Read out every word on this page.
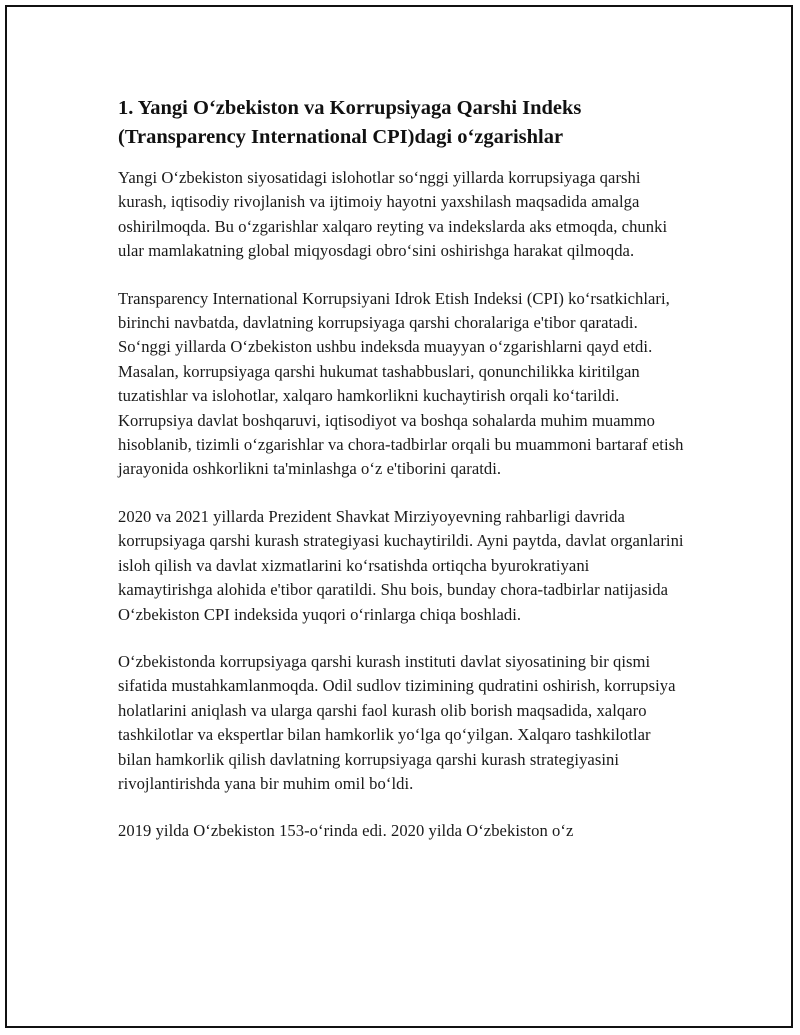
1. Yangi O‘zbekiston va Korrupsiyaga Qarshi Indeks (Transparency International CPI)dagi o‘zgarishlar

Yangi O‘zbekiston siyosatidagi islohotlar so‘nggi yillarda korrupsiyaga qarshi kurash, iqtisodiy rivojlanish va ijtimoiy hayotni yaxshilash maqsadida amalga oshirilmoqda. Bu o‘zgarishlar xalqaro reyting va indekslarda aks etmoqda, chunki ular mamlakatning global miqyosdagi obro‘sini oshirishga harakat qilmoqda.

Transparency International Korrupsiyani Idrok Etish Indeksi (CPI) ko‘rsatkichlari, birinchi navbatda, davlatning korrupsiyaga qarshi choralariga e'tibor qaratadi. So‘nggi yillarda O‘zbekiston ushbu indeksda muayyan o‘zgarishlarni qayd etdi. Masalan, korrupsiyaga qarshi hukumat tashabbuslari, qonunchilikka kiritilgan tuzatishlar va islohotlar, xalqaro hamkorlikni kuchaytirish orqali ko‘tarildi. Korrupsiya davlat boshqaruvi, iqtisodiyot va boshqa sohalarda muhim muammo hisoblanib, tizimli o‘zgarishlar va chora-tadbirlar orqali bu muammoni bartaraf etish jarayonida oshkorlikni ta'minlashga o‘z e'tiborini qaratdi.

2020 va 2021 yillarda Prezident Shavkat Mirziyoyevning rahbarligi davrida korrupsiyaga qarshi kurash strategiyasi kuchaytirildi. Ayni paytda, davlat organlarini isloh qilish va davlat xizmatlarini ko‘rsatishda ortiqcha byurokratiyani kamaytirishga alohida e'tibor qaratildi. Shu bois, bunday chora-tadbirlar natijasida O‘zbekiston CPI indeksida yuqori o‘rinlarga chiqa boshladi.

O‘zbekistonda korrupsiyaga qarshi kurash instituti davlat siyosatining bir qismi sifatida mustahkamlanmoqda. Odil sudlov tizimining qudratini oshirish, korrupsiya holatlarini aniqlash va ularga qarshi faol kurash olib borish maqsadida, xalqaro tashkilotlar va ekspertlar bilan hamkorlik yo‘lga qo‘yilgan. Xalqaro tashkilotlar bilan hamkorlik qilish davlatning korrupsiyaga qarshi kurash strategiyasini rivojlantirishda yana bir muhim omil bo‘ldi.

2019 yilda O‘zbekiston 153-o‘rinda edi. 2020 yilda O‘zbekiston o‘z
